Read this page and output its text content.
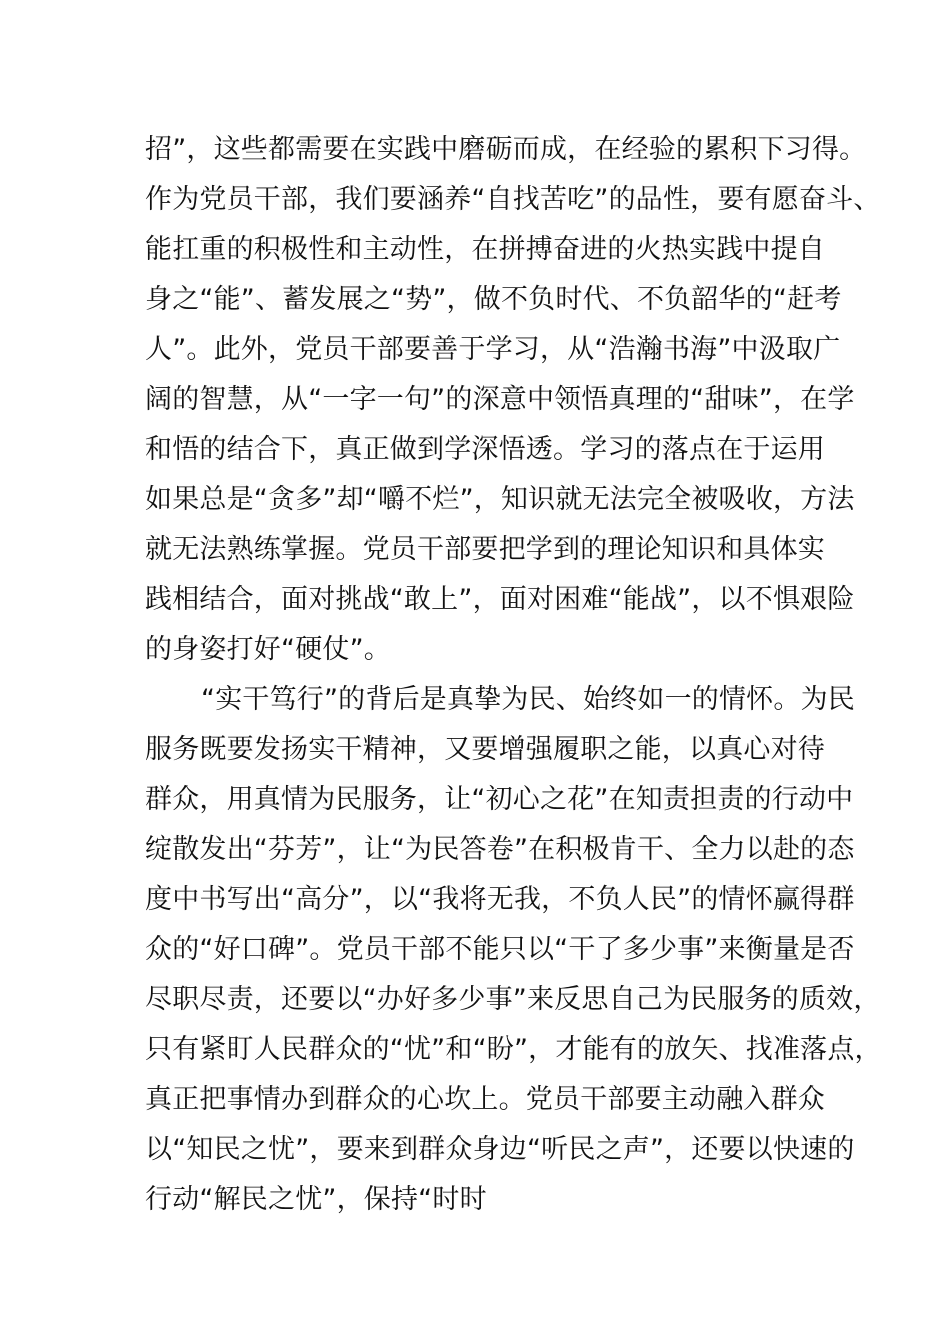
招”，这些都需要在实践中磨砺而成，在经验的累积下习得。
作为党员干部，我们要涵养“自找苦吃”的品性，要有愿奋斗、
能扛重的积极性和主动性，在拼搏奋进的火热实践中提自
身之“能”、蓄发展之“势”，做不负时代、不负韶华的“赶考
人”。此外，党员干部要善于学习，从“浩瀚书海”中汲取广
阔的智慧，从“一字一句”的深意中领悟真理的“甜味”，在学
和悟的结合下，真正做到学深悟透。学习的落点在于运用
如果总是“贪多”却“嚼不烂”，知识就无法完全被吸收，方法
就无法熟练掌握。党员干部要把学到的理论知识和具体实
践相结合，面对挑战“敢上”，面对困难“能战”，以不惧艰险
的身姿打好“硬仗”。
“实干笃行”的背后是真挚为民、始终如一的情怀。为民
服务既要发扬实干精神，又要增强履职之能，以真心对待
群众，用真情为民服务，让“初心之花”在知责担责的行动中
绽散发出“芬芳”，让“为民答卷”在积极肯干、全力以赴的态
度中书写出“高分”，以“我将无我，不负人民”的情怀赢得群
众的“好口碑”。党员干部不能只以“干了多少事”来衡量是否
尽职尽责，还要以“办好多少事”来反思自己为民服务的质效，
只有紧盯人民群众的“忧”和“盼”，才能有的放矢、找准落点，
真正把事情办到群众的心坎上。党员干部要主动融入群众
以“知民之忧”，要来到群众身边“听民之声”，还要以快速的
行动“解民之忧”，保持“时时
